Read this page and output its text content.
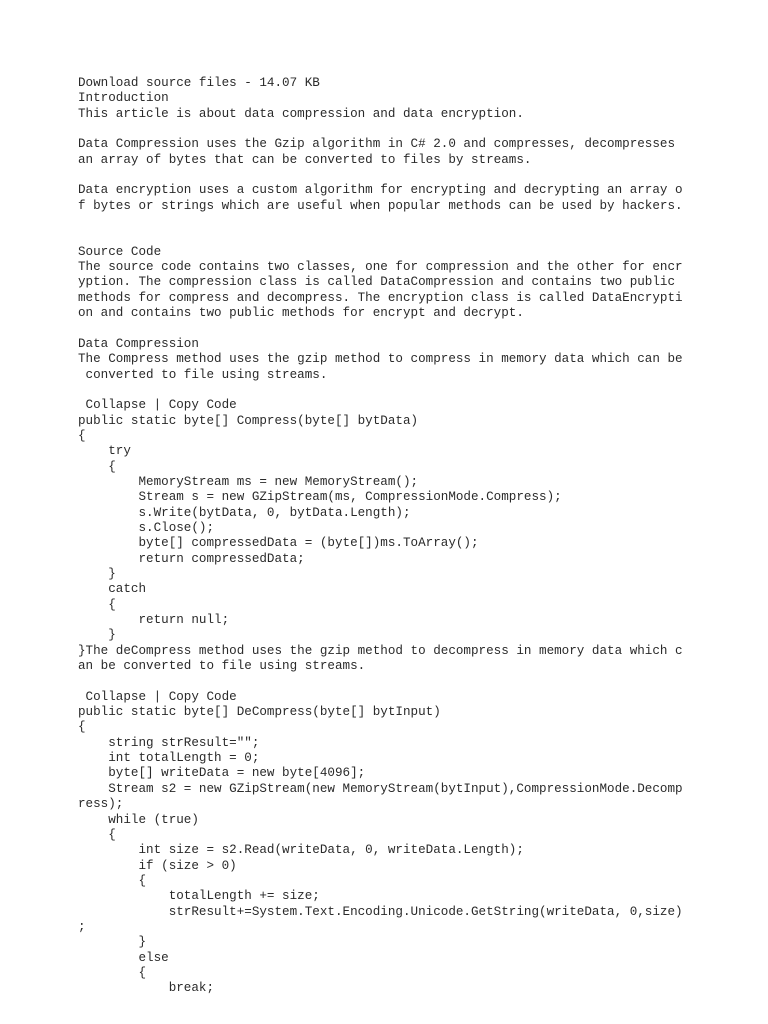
Download source files - 14.07 KB
Introduction
This article is about data compression and data encryption.
Data Compression uses the Gzip algorithm in C# 2.0 and compresses, decompresses
an array of bytes that can be converted to files by streams.
Data encryption uses a custom algorithm for encrypting and decrypting an array o
f bytes or strings which are useful when popular methods can be used by hackers.
Source Code
The source code contains two classes, one for compression and the other for encr
yption. The compression class is called DataCompression and contains two public
methods for compress and decompress. The encryption class is called DataEncrypti
on and contains two public methods for encrypt and decrypt.
Data Compression
The Compress method uses the gzip method to compress in memory data which can be
converted to file using streams.
Collapse | Copy Code
public static byte[] Compress(byte[] bytData)
{
try
{
MemoryStream ms = new MemoryStream();
Stream s = new GZipStream(ms, CompressionMode.Compress);
s.Write(bytData, 0, bytData.Length);
s.Close();
byte[] compressedData = (byte[])ms.ToArray();
return compressedData;
}
catch
{
return null;
}
}The deCompress method uses the gzip method to decompress in memory data which c
an be converted to file using streams.
Collapse | Copy Code
public static byte[] DeCompress(byte[] bytInput)
{
string strResult="";
int totalLength = 0;
byte[] writeData = new byte[4096];
Stream s2 = new GZipStream(new MemoryStream(bytInput),CompressionMode.Decomp
ress);
while (true)
{
int size = s2.Read(writeData, 0, writeData.Length);
if (size > 0)
{
totalLength += size;
strResult+=System.Text.Encoding.Unicode.GetString(writeData, 0,size)
;
}
else
{
break;
